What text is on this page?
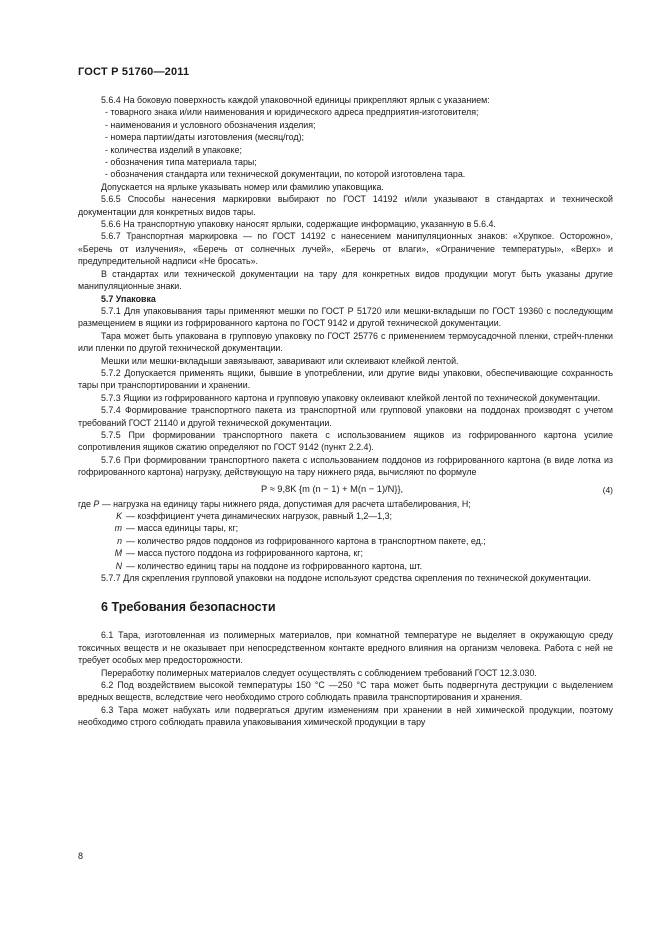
ГОСТ Р 51760—2011

5.6.4 На боковую поверхность каждой упаковочной единицы прикрепляют ярлык с указанием:

- товарного знака и/или наименования и юридического адреса предприятия-изготовителя;

- наименования и условного обозначения изделия;

- номера партии/даты изготовления (месяц/год);

- количества изделий в упаковке;

- обозначения типа материала тары;

- обозначения стандарта или технической документации, по которой изготовлена тара.

Допускается на ярлыке указывать номер или фамилию упаковщика.

5.6.5 Способы нанесения маркировки выбирают по ГОСТ 14192 и/или указывают в стандартах и технической документации для конкретных видов тары.

5.6.6 На транспортную упаковку наносят ярлыки, содержащие информацию, указанную в 5.6.4.

5.6.7 Транспортная маркировка — по ГОСТ 14192 с нанесением манипуляционных знаков: «Хрупкое. Осторожно», «Беречь от излучения», «Беречь от солнечных лучей», «Беречь от влаги», «Ограничение температуры», «Верх» и предупредительной надписи «Не бросать».

В стандартах или технической документации на тару для конкретных видов продукции могут быть указаны другие манипуляционные знаки.

5.7 Упаковка

5.7.1 Для упаковывания тары применяют мешки по ГОСТ Р 51720 или мешки-вкладыши по ГОСТ 19360 с последующим размещением в ящики из гофрированного картона по ГОСТ 9142 и другой технической документации.

Тара может быть упакована в групповую упаковку по ГОСТ 25776 с применением термоусадочной пленки, стрейч-пленки или пленки по другой технической документации.

Мешки или мешки-вкладыши завязывают, заваривают или склеивают клейкой лентой.

5.7.2 Допускается применять ящики, бывшие в употреблении, или другие виды упаковки, обеспечивающие сохранность тары при транспортировании и хранении.

5.7.3 Ящики из гофрированного картона и групповую упаковку оклеивают клейкой лентой по технической документации.

5.7.4 Формирование транспортного пакета из транспортной или групповой упаковки на поддонах производят с учетом требований ГОСТ 21140 и другой технической документации.

5.7.5 При формировании транспортного пакета с использованием ящиков из гофрированного картона усилие сопротивления ящиков сжатию определяют по ГОСТ 9142 (пункт 2.2.4).

5.7.6 При формировании транспортного пакета с использованием поддонов из гофрированного картона (в виде лотка из гофрированного картона) нагрузку, действующую на тару нижнего ряда, вычисляют по формуле

P ≈ 9,8K {m (n − 1) + M(n − 1)/N}},	(4)
где P — нагрузка на единицу тары нижнего ряда, допустимая для расчета штабелирования, Н;
K — коэффициент учета динамических нагрузок, равный 1,2—1,3;
m — масса единицы тары, кг;
n — количество рядов поддонов из гофрированного картона в транспортном пакете, ед.;
M — масса пустого поддона из гофрированного картона, кг;
N — количество единиц тары на поддоне из гофрированного картона, шт.

5.7.7 Для скрепления групповой упаковки на поддоне используют средства скрепления по технической документации.

6 Требования безопасности

6.1 Тара, изготовленная из полимерных материалов, при комнатной температуре не выделяет в окружающую среду токсичных веществ и не оказывает при непосредственном контакте вредного влияния на организм человека. Работа с ней не требует особых мер предосторожности.

Переработку полимерных материалов следует осуществлять с соблюдением требований ГОСТ 12.3.030.

6.2 Под воздействием высокой температуры 150 °С —250 °С тара может быть подвергнута деструкции с выделением вредных веществ, вследствие чего необходимо строго соблюдать правила транспортирования и хранения.

6.3 Тара может набухать или подвергаться другим изменениям при хранении в ней химической продукции, поэтому необходимо строго соблюдать правила упаковывания химической продукции в тару

8
